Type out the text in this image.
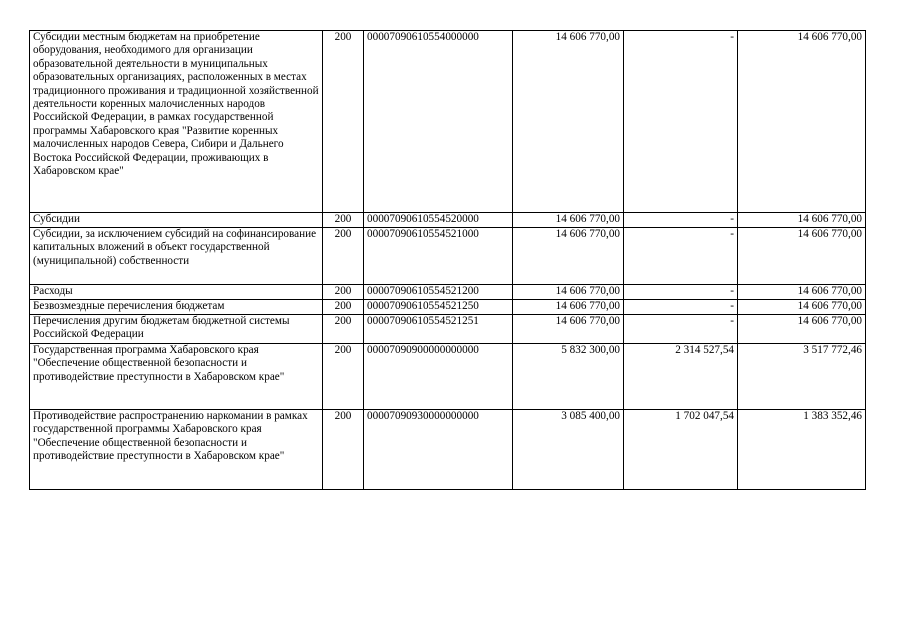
Субсидии местным бюджетам на приобретение оборудования, необходимого для организации образовательной деятельности в муниципальных образовательных организациях, расположенных в местах традиционного проживания и традиционной хозяйственной деятельности коренных малочисленных народов Российской Федерации, в рамках государственной программы Хабаровского края "Развитие коренных малочисленных народов Севера, Сибири и Дальнего Востока Российской Федерации, проживающих в Хабаровском крае"	200	00007090610554000000	14 606 770,00	-	14 606 770,00
Субсидии	200	00007090610554520000	14 606 770,00	-	14 606 770,00
Субсидии, за исключением субсидий на софинансирование капитальных вложений в объект государственной (муниципальной) собственности	200	00007090610554521000	14 606 770,00	-	14 606 770,00
Расходы	200	00007090610554521200	14 606 770,00	-	14 606 770,00
Безвозмездные перечисления бюджетам	200	00007090610554521250	14 606 770,00	-	14 606 770,00
Перечисления другим бюджетам бюджетной системы Российской Федерации	200	00007090610554521251	14 606 770,00	-	14 606 770,00
Государственная программа Хабаровского края "Обеспечение общественной безопасности и противодействие преступности в Хабаровском крае"	200	00007090900000000000	5 832 300,00	2 314 527,54	3 517 772,46
Противодействие распространению наркомании в рамках государственной программы Хабаровского края "Обеспечение общественной безопасности и противодействие преступности в Хабаровском крае"	200	00007090930000000000	3 085 400,00	1 702 047,54	1 383 352,46
